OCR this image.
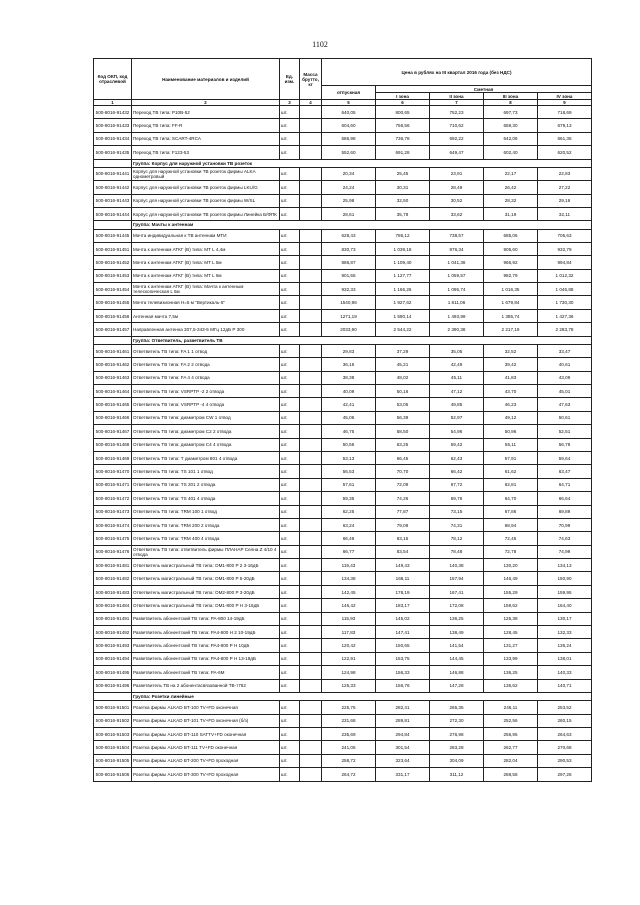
1102
Код ОКП, код отраслевой	Наименование материалов и изделий	Ед. изм.	Масса брутто, кг	Цена в рублях на III квартал 2016 года (без НДС)				
				отпускная	Сметная			
					I зона	II зона	III зона	IV зона
1	2	3	4	5	6	7	8	9
500-8016-91432	Переход ТВ типа: P10B-52	шт.		640,05	800,65	752,23	697,73	718,69
500-8016-91433	Переход ТВ типа: FF-R	шт.		604,60	756,56	710,62	659,30	679,13
500-8016-91434	Переход ТВ типа: SCART-4RCA	шт.		586,98	736,78	692,22	642,06	661,35
500-8016-91435	Переход ТВ типа: F123-53	шт.		552,60	691,28	649,47	602,40	620,52
	Группа: Корпус для наружной установки ТВ розеток							
500-8016-91441	Корпус для наружной установки ТВ розеток фирмы ALKA однометровый	шт.		20,34	25,45	23,91	22,17	22,83
500-8016-91442	Корпус для наружной установки ТВ розеток фирмы LKU/G	шт.		24,24	30,31	28,49	26,42	27,22
500-8016-91443	Корпус для наружной установки ТВ розеток фирмы W/SL	шт.		25,98	32,50	30,52	28,32	29,16
500-8016-91444	Корпус для наружной установки ТВ розеток фирмы Линейка Б/ФПК	шт.		28,61	35,78	33,62	31,19	32,11
	Группа: Мачты к антеннам							
500-8016-91445	Мачта индивидуальная к ТВ антеннам МТИ	шт.		628,43	786,12	738,57	685,06	705,63
500-8016-91451	Мачта к антеннам АТКГ (В) типа: МТ L 4,4м	шт.		830,73	1 039,18	976,34	905,60	932,79
500-8016-91452	Мачта к антеннам АТКГ (В) типа: МТ L 5м	шт.		886,87	1 109,40	1 041,36	966,92	994,84
500-8016-91453	Мачта к антеннам АТКГ (В) типа: МТ L 6м	шт.		901,55	1 127,77	1 059,57	982,79	1 012,32
500-8016-91454	Мачта к антеннам АТКГ (В) типа: Мачта к антенным телескопическая L 5м	шт.		932,33	1 166,26	1 095,74	1 016,35	1 046,88
500-8016-91455	Мачта телевизионная Н=5 м "Вертикаль-5"	шт.		1540,96	1 927,62	1 811,06	1 679,84	1 730,30
500-8016-91456	Антенная мачта 7,5м	шт.		1271,19	1 590,14	1 493,99	1 385,74	1 427,36
500-8016-91457	Направленная антенна 307,5-343-5 МГц 12дБ Р 300	шт.		2033,90	2 544,22	2 390,38	2 217,19	2 283,78
	Группа: Ответвитель, разветвитель ТВ							
500-8016-91461	Ответвитель ТВ типа: FA 1 1 отвод	шт.		29,83	37,29	35,05	32,52	33,47
500-8016-91462	Ответвитель ТВ типа: FA 2 2 отвода	шт.		36,16	45,21	42,49	39,42	40,61
500-8016-91463	Ответвитель ТВ типа: FA 4 4 отвода	шт.		38,38	48,02	45,11	41,83	43,09
500-8016-91464	Ответвитель ТВ типа: VSRPTP -2 2 отвода	шт.		40,09	50,16	47,12	43,70	45,01
500-8016-91465	Ответвитель ТВ типа: VSRPTP -4 4 отвода	шт.		42,41	53,05	49,85	46,23	47,63
500-8016-91466	Ответвитель ТВ типа: диаметром CW 1 отвод	шт.		45,06	56,39	52,97	49,12	50,61
500-8016-91467	Ответвитель ТВ типа: диаметром С2 2 отвода	шт.		46,75	58,50	54,96	50,96	52,51
500-8016-91468	Ответвитель ТВ типа: диаметром С4 4 отвода	шт.		50,56	63,25	59,42	55,11	56,78
500-8016-91469	Ответвитель ТВ типа: Т диаметром 801 4 отвода	шт.		53,13	66,45	62,43	57,91	59,64
500-8016-91470	Ответвитель ТВ типа: TS 101 1 отвод	шт.		56,53	70,70	66,42	61,62	63,47
500-8016-91471	Ответвитель ТВ типа: TS 201 2 отвода	шт.		57,61	72,09	67,72	62,81	64,71
500-8016-91472	Ответвитель ТВ типа: TS 401 4 отвода	шт.		59,35	74,26	69,76	64,70	66,64
500-8016-91473	Ответвитель ТВ типа: TRM 100 1 отвод	шт.		62,25	77,87	73,15	67,86	69,89
500-8016-91474	Ответвитель ТВ типа: TRM 200 2 отвода	шт.		63,24	79,09	74,31	68,94	70,99
500-8016-91475	Ответвитель ТВ типа: TRM 400 4 отвода	шт.		66,46	83,15	78,12	72,45	74,63
500-8016-91476	Ответвитель ТВ типа: ответвитель фирмы ПЛАНАР Селна Z 4/10 4 отвода	шт.		66,77	83,54	78,48	72,78	74,99
500-8016-91481	Ответвитель магистральный ТВ типа: ОМ1-800 Р 2 3-16дБ	шт.		119,43	149,43	140,38	130,20	134,13
500-8016-91482	Ответвитель магистральный ТВ типа: ОМ1-800 Р 5-20дБ	шт.		134,38	168,11	157,94	146,49	150,90
500-8016-91483	Ответвитель магистральный ТВ типа: ОМ2-800 Р 3-20дБ	шт.		142,45	178,19	167,41	155,29	159,95
500-8016-91484	Ответвитель магистральный ТВ типа: ОМ1-800 Р Н 3-16дБ	шт.		146,42	183,17	172,08	159,62	164,40
500-8016-91491	Разветвитель абонентский ТВ типа: РА-800 14-19дБ	шт.		115,93	145,02	136,25	126,38	130,17
500-8016-91492	Разветвитель абонентский ТВ типа: РА4-800 Н 2 10-19дБ	шт.		117,83	147,41	138,49	128,45	132,33
500-8016-91493	Разветвитель абонентский ТВ типа: РА4-800 Р Н 10дБ	шт.		120,42	150,65	141,54	131,27	135,24
500-8016-91494	Разветвитель абонентский ТВ типа: РА4-800 Р Н 13-19дБ	шт.		122,91	153,75	144,45	133,99	138,01
500-8016-91495	Разветвитель абонентский ТВ типа: РА-6М	шт.		124,98	156,33	146,88	136,25	140,33
500-8016-91496	Разветвитель ТВ на 2 абонентасвязованной ТВ-т762	шт.		125,33	156,76	147,28	136,62	140,71
	Группа: Розетки линейные							
500-8016-91501	Розетка фирмы ALKAD BT-100 TV+FD оконечная	шт.		225,76	282,41	265,35	246,11	253,52
500-8016-91502	Розетка фирмы ALKAD BT-101 TV+FD оконечная (б/з)	шт.		231,68	289,81	272,30	252,56	260,15
500-8016-91503	Розетка фирмы ALKAD BT-110 SATTV+FD оконечная	шт.		235,69	294,84	276,98	256,95	264,63
500-8016-91504	Розетка фирмы ALKAD BT-111 TV+FD оконечная	шт.		241,05	301,54	283,28	262,77	270,68
500-8016-91505	Розетка фирмы ALKAD BT-200 TV+FD проходная	шт.		258,72	323,64	304,09	282,04	290,53
500-8016-91506	Розетка фирмы ALKAD BT-300 TV+FD проходная	шт.		264,72	331,17	311,12	288,58	297,26
